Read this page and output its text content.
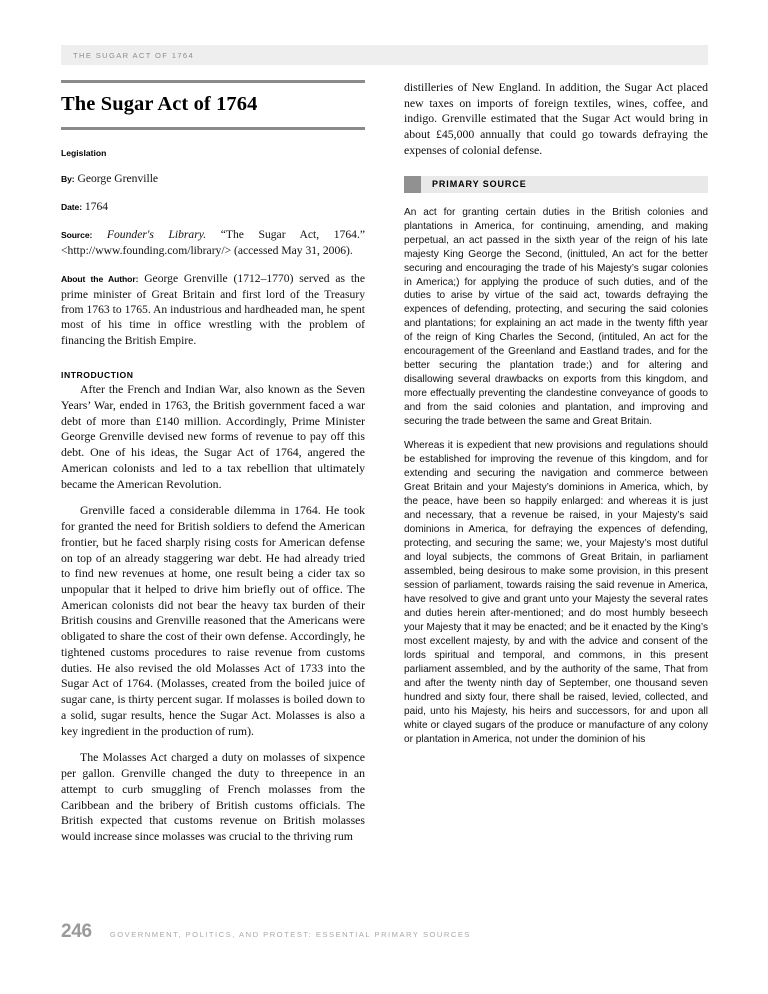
THE SUGAR ACT OF 1764
The Sugar Act of 1764
Legislation
By: George Grenville
Date: 1764
Source: Founder's Library. “The Sugar Act, 1764.” <http://www.founding.com/library/> (accessed May 31, 2006).
About the Author: George Grenville (1712–1770) served as the prime minister of Great Britain and first lord of the Treasury from 1763 to 1765. An industrious and hardheaded man, he spent most of his time in office wrestling with the problem of financing the British Empire.
INTRODUCTION

After the French and Indian War, also known as the Seven Years’ War, ended in 1763, the British government faced a war debt of more than £140 million. Accordingly, Prime Minister George Grenville devised new forms of revenue to pay off this debt. One of his ideas, the Sugar Act of 1764, angered the American colonists and led to a tax rebellion that ultimately became the American Revolution.

Grenville faced a considerable dilemma in 1764. He took for granted the need for British soldiers to defend the American frontier, but he faced sharply rising costs for American defense on top of an already staggering war debt. He had already tried to find new revenues at home, one result being a cider tax so unpopular that it helped to drive him briefly out of office. The American colonists did not bear the heavy tax burden of their British cousins and Grenville reasoned that the Americans were obligated to share the cost of their own defense. Accordingly, he tightened customs procedures to raise revenue from customs duties. He also revised the old Molasses Act of 1733 into the Sugar Act of 1764. (Molasses, created from the boiled juice of sugar cane, is thirty percent sugar. If molasses is boiled down to a solid, sugar results, hence the Sugar Act. Molasses is also a key ingredient in the production of rum).

The Molasses Act charged a duty on molasses of sixpence per gallon. Grenville changed the duty to threepence in an attempt to curb smuggling of French molasses from the Caribbean and the bribery of British customs officials. The British expected that customs revenue on British molasses would increase since molasses was crucial to the thriving rum

distilleries of New England. In addition, the Sugar Act placed new taxes on imports of foreign textiles, wines, coffee, and indigo. Grenville estimated that the Sugar Act would bring in about £45,000 annually that could go towards defraying the expenses of colonial defense.

PRIMARY SOURCE

An act for granting certain duties in the British colonies and plantations in America, for continuing, amending, and making perpetual, an act passed in the sixth year of the reign of his late majesty King George the Second, (inittuled, An act for the better securing and encouraging the trade of his Majesty’s sugar colonies in America;) for applying the produce of such duties, and of the duties to arise by virtue of the said act, towards defraying the expences of defending, protecting, and securing the said colonies and plantations; for explaining an act made in the twenty fifth year of the reign of King Charles the Second, (intituled, An act for the encouragement of the Greenland and Eastland trades, and for the better securing the plantation trade;) and for altering and disallowing several drawbacks on exports from this kingdom, and more effectually preventing the clandestine conveyance of goods to and from the said colonies and plantation, and improving and securing the trade between the same and Great Britain.

Whereas it is expedient that new provisions and regulations should be established for improving the revenue of this kingdom, and for extending and securing the navigation and commerce between Great Britain and your Majesty’s dominions in America, which, by the peace, have been so happily enlarged: and whereas it is just and necessary, that a revenue be raised, in your Majesty’s said dominions in America, for defraying the expences of defending, protecting, and securing the same; we, your Majesty’s most dutiful and loyal subjects, the commons of Great Britain, in parliament assembled, being desirous to make some provision, in this present session of parliament, towards raising the said revenue in America, have resolved to give and grant unto your Majesty the several rates and duties herein after-mentioned; and do most humbly beseech your Majesty that it may be enacted; and be it enacted by the King’s most excellent majesty, by and with the advice and consent of the lords spiritual and temporal, and commons, in this present parliament assembled, and by the authority of the same, That from and after the twenty ninth day of September, one thousand seven hundred and sixty four, there shall be raised, levied, collected, and paid, unto his Majesty, his heirs and successors, for and upon all white or clayed sugars of the produce or manufacture of any colony or plantation in America, not under the dominion of his

246 GOVERNMENT, POLITICS, AND PROTEST: ESSENTIAL PRIMARY SOURCES
